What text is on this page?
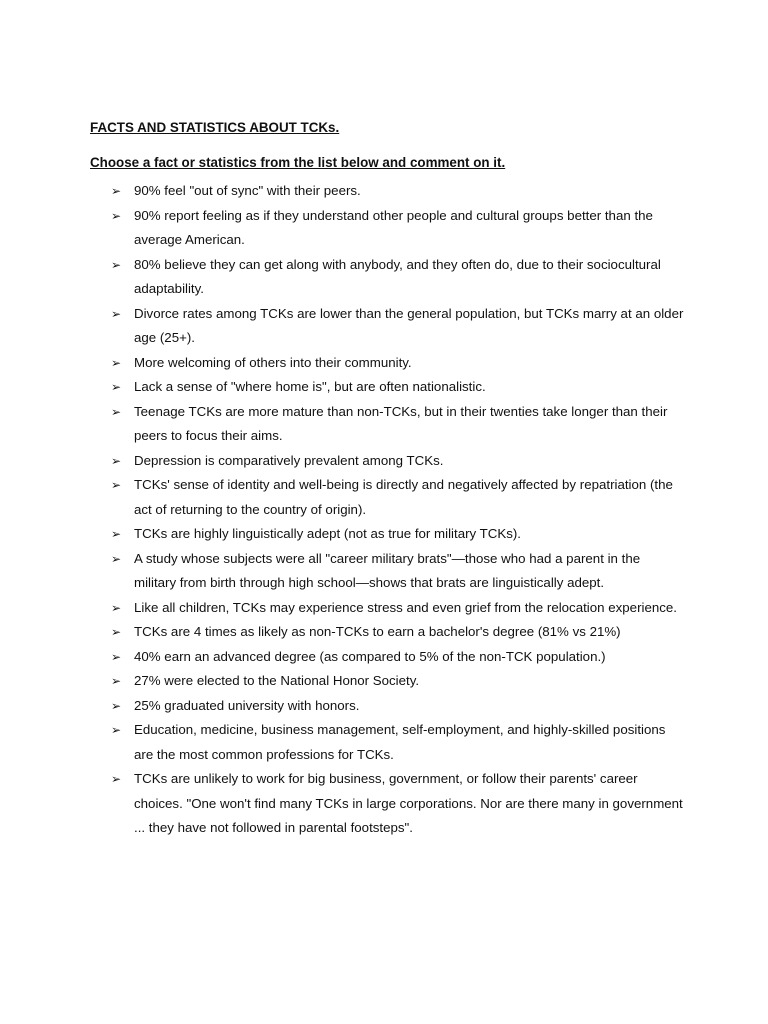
FACTS AND STATISTICS ABOUT TCKs.
Choose a fact or statistics from the list below and comment on it.
➢ 90% feel "out of sync" with their peers.
➢ 90% report feeling as if they understand other people and cultural groups better than the average American.
➢ 80% believe they can get along with anybody, and they often do, due to their sociocultural adaptability.
➢ Divorce rates among TCKs are lower than the general population, but TCKs marry at an older age (25+).
➢ More welcoming of others into their community.
➢ Lack a sense of "where home is", but are often nationalistic.
➢ Teenage TCKs are more mature than non-TCKs, but in their twenties take longer than their peers to focus their aims.
➢ Depression is comparatively prevalent among TCKs.
➢ TCKs' sense of identity and well-being is directly and negatively affected by repatriation (the act of returning to the country of origin).
➢ TCKs are highly linguistically adept (not as true for military TCKs).
➢ A study whose subjects were all "career military brats"—those who had a parent in the military from birth through high school—shows that brats are linguistically adept.
➢ Like all children, TCKs may experience stress and even grief from the relocation experience.
➢ TCKs are 4 times as likely as non-TCKs to earn a bachelor's degree (81% vs 21%)
➢ 40% earn an advanced degree (as compared to 5% of the non-TCK population.)
➢ 27% were elected to the National Honor Society.
➢ 25% graduated university with honors.
➢ Education, medicine, business management, self-employment, and highly-skilled positions are the most common professions for TCKs.
➢ TCKs are unlikely to work for big business, government, or follow their parents' career choices. "One won't find many TCKs in large corporations. Nor are there many in government ... they have not followed in parental footsteps".
